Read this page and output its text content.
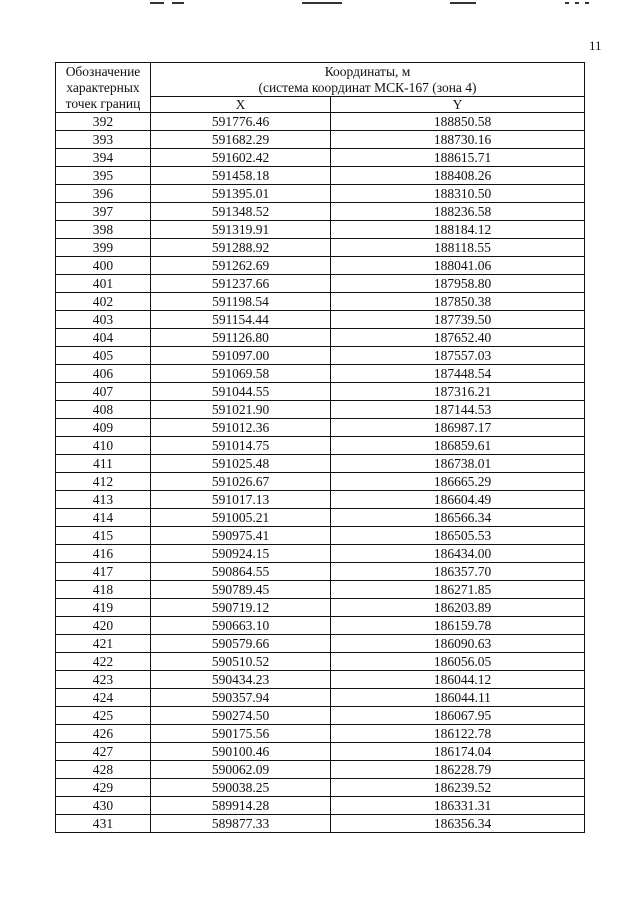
11
Обозначение
характерных
точек границ	Координаты, м
(система координат МСК-167 (зона 4)	

	X	Y
392	591776.46	188850.58
393	591682.29	188730.16
394	591602.42	188615.71
395	591458.18	188408.26
396	591395.01	188310.50
397	591348.52	188236.58
398	591319.91	188184.12
399	591288.92	188118.55
400	591262.69	188041.06
401	591237.66	187958.80
402	591198.54	187850.38
403	591154.44	187739.50
404	591126.80	187652.40
405	591097.00	187557.03
406	591069.58	187448.54
407	591044.55	187316.21
408	591021.90	187144.53
409	591012.36	186987.17
410	591014.75	186859.61
411	591025.48	186738.01
412	591026.67	186665.29
413	591017.13	186604.49
414	591005.21	186566.34
415	590975.41	186505.53
416	590924.15	186434.00
417	590864.55	186357.70
418	590789.45	186271.85
419	590719.12	186203.89
420	590663.10	186159.78
421	590579.66	186090.63
422	590510.52	186056.05
423	590434.23	186044.12
424	590357.94	186044.11
425	590274.50	186067.95
426	590175.56	186122.78
427	590100.46	186174.04
428	590062.09	186228.79
429	590038.25	186239.52
430	589914.28	186331.31
431	589877.33	186356.34
